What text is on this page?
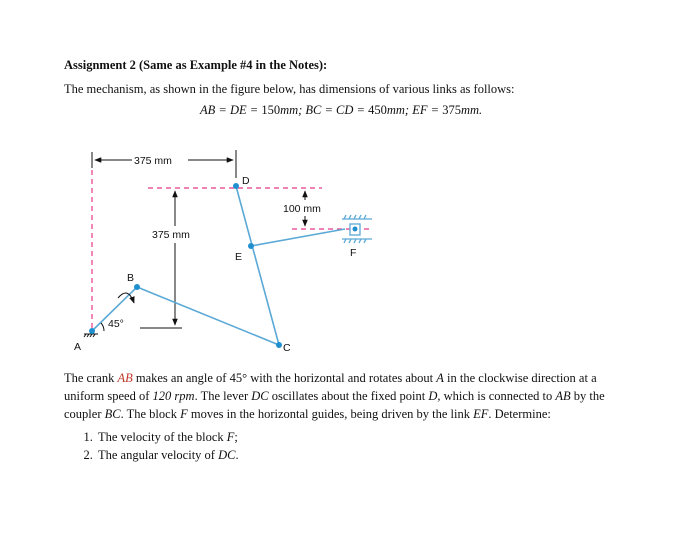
Assignment 2 (Same as Example #4 in the Notes):
The mechanism, as shown in the figure below, has dimensions of various links as follows:
AB = DE = 150mm; BC = CD = 450mm; EF = 375mm.
375 mm
375 mm
100 mm
45°
A
B
C
D
E	F
The crank AB makes an angle of 45° with the horizontal and rotates about A in the clockwise direction at a uniform speed of 120 rpm. The lever DC oscillates about the fixed point D, which is connected to AB by the coupler BC. The block F moves in the horizontal guides, being driven by the link EF. Determine:
1. The velocity of the block F;
2. The angular velocity of DC.
